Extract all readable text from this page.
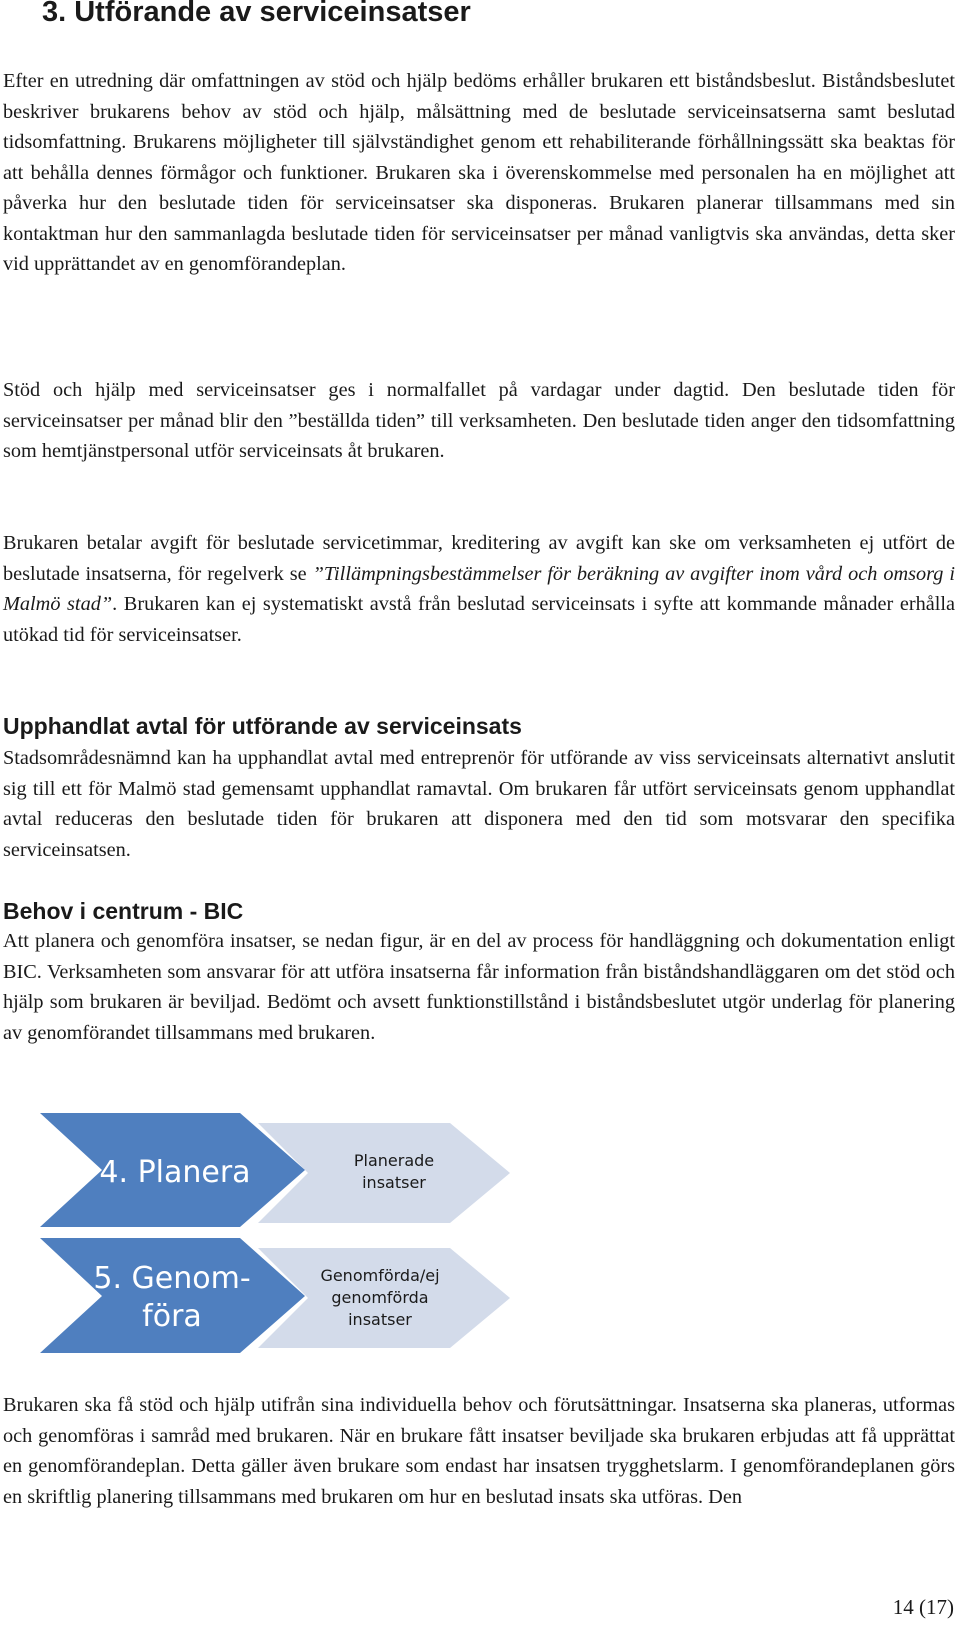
3. Utförande av serviceinsatser

Efter en utredning där omfattningen av stöd och hjälp bedöms erhåller brukaren ett biståndsbeslut. Biståndsbeslutet beskriver brukarens behov av stöd och hjälp, målsättning med de beslutade serviceinsatserna samt beslutad tidsomfattning. Brukarens möjligheter till självständighet genom ett rehabiliterande förhållningssätt ska beaktas för att behålla dennes förmågor och funktioner. Brukaren ska i överenskommelse med personalen ha en möjlighet att påverka hur den beslutade tiden för serviceinsatser ska disponeras. Brukaren planerar tillsammans med sin kontaktman hur den sammanlagda beslutade tiden för serviceinsatser per månad vanligtvis ska användas, detta sker vid upprättandet av en genomförandeplan.

Stöd och hjälp med serviceinsatser ges i normalfallet på vardagar under dagtid. Den beslutade tiden för serviceinsatser per månad blir den ”beställda tiden” till verksamheten. Den beslutade tiden anger den tidsomfattning som hemtjänstpersonal utför serviceinsats åt brukaren.

Brukaren betalar avgift för beslutade servicetimmar, kreditering av avgift kan ske om verksamheten ej utfört de beslutade insatserna, för regelverk se ”Tillämpningsbestämmelser för beräkning av avgifter inom vård och omsorg i Malmö stad”. Brukaren kan ej systematiskt avstå från beslutad serviceinsats i syfte att kommande månader erhålla utökad tid för serviceinsatser.

Upphandlat avtal för utförande av serviceinsats

Stadsområdesnämnd kan ha upphandlat avtal med entreprenör för utförande av viss serviceinsats alternativt anslutit sig till ett för Malmö stad gemensamt upphandlat ramavtal. Om brukaren får utfört serviceinsats genom upphandlat avtal reduceras den beslutade tiden för brukaren att disponera med den tid som motsvarar den specifika serviceinsatsen.

Behov i centrum - BIC

Att planera och genomföra insatser, se nedan figur, är en del av process för handläggning och dokumentation enligt BIC. Verksamheten som ansvarar för att utföra insatserna får information från biståndshandläggaren om det stöd och hjälp som brukaren är beviljad. Bedömt och avsett funktionstillstånd i biståndsbeslutet utgör underlag för planering av genomförandet tillsammans med brukaren.

4. Planera	Planerade insatser
5. Genom-föra
Genomförda/ej genomförda insatser

Brukaren ska få stöd och hjälp utifrån sina individuella behov och förutsättningar. Insatserna ska planeras, utformas och genomföras i samråd med brukaren. När en brukare fått insatser beviljade ska brukaren erbjudas att få upprättat en genomförandeplan. Detta gäller även brukare som endast har insatsen trygghetslarm. I genomförandeplanen görs en skriftlig planering tillsammans med brukaren om hur en beslutad insats ska utföras. Den

14 (17)
